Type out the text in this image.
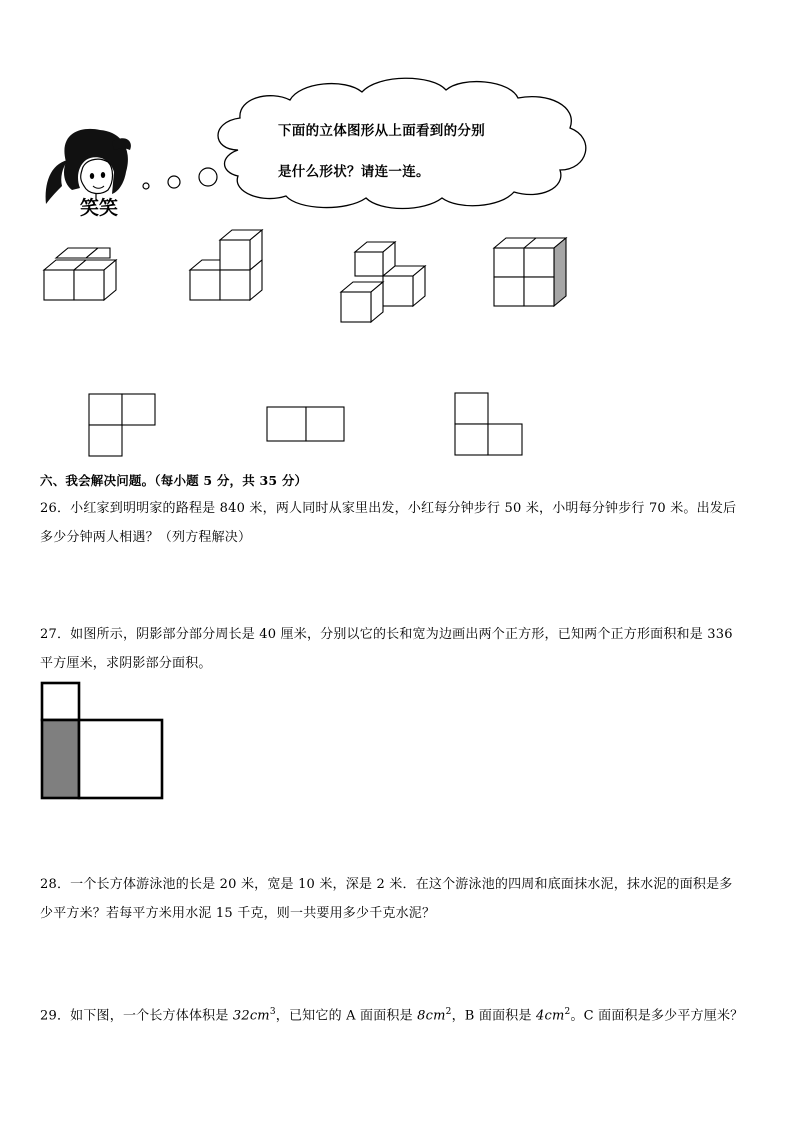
笑笑
下面的立体图形从上面看到的分别
是什么形状？请连一连。
六、我会解决问题。（每小题 5 分，共 35 分）
26．小红家到明明家的路程是 840 米，两人同时从家里出发，小红每分钟步行 50 米，小明每分钟步行 70 米。出发后
多少分钟两人相遇？（列方程解决）
27．如图所示，阴影部分部分周长是 40 厘米，分别以它的长和宽为边画出两个正方形，已知两个正方形面积和是 336
平方厘米，求阴影部分面积。
28．一个长方体游泳池的长是 20 米，宽是 10 米，深是 2 米．在这个游泳池的四周和底面抹水泥，抹水泥的面积是多
少平方米？若每平方米用水泥 15 千克，则一共要用多少千克水泥？
29．如下图，一个长方体体积是 $32cm^3$，已知它的 A 面面积是 $8cm^2$，B 面面积是 $4cm^2$。C 面面积是多少平方厘米？
